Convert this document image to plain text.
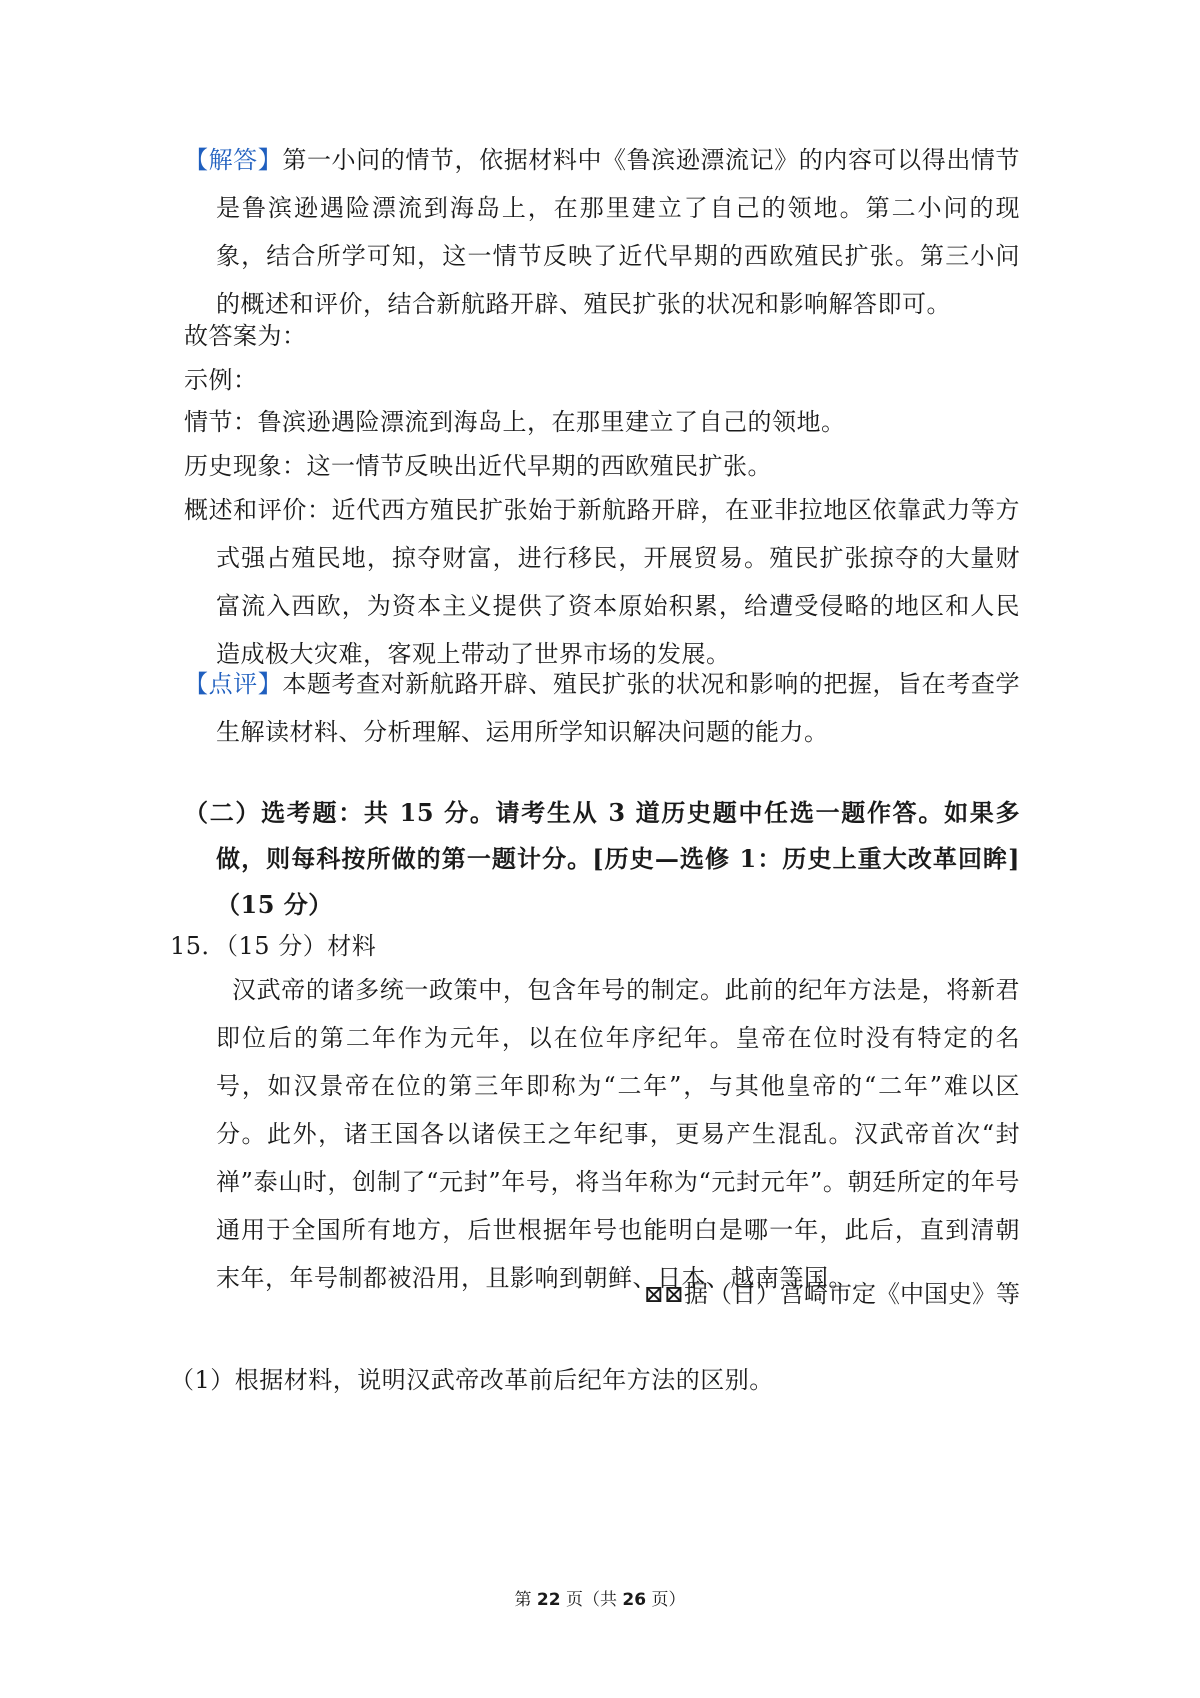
【解答】第一小问的情节，依据材料中《鲁滨逊漂流记》的内容可以得出情节是鲁滨逊遇险漂流到海岛上，在那里建立了自己的领地。第二小问的现象，结合所学可知，这一情节反映了近代早期的西欧殖民扩张。第三小问的概述和评价，结合新航路开辟、殖民扩张的状况和影响解答即可。
故答案为：
示例：
情节：鲁滨逊遇险漂流到海岛上，在那里建立了自己的领地。
历史现象：这一情节反映出近代早期的西欧殖民扩张。
概述和评价：近代西方殖民扩张始于新航路开辟，在亚非拉地区依靠武力等方式强占殖民地，掠夺财富，进行移民，开展贸易。殖民扩张掠夺的大量财富流入西欧，为资本主义提供了资本原始积累，给遭受侵略的地区和人民造成极大灾难，客观上带动了世界市场的发展。
【点评】本题考查对新航路开辟、殖民扩张的状况和影响的把握，旨在考查学生解读材料、分析理解、运用所学知识解决问题的能力。
（二）选考题：共 15 分。请考生从 3 道历史题中任选一题作答。如果多做，则每科按所做的第一题计分。[历史—选修 1：历史上重大改革回眸]（15 分）
15．（15 分）材料
汉武帝的诸多统一政策中，包含年号的制定。此前的纪年方法是，将新君即位后的第二年作为元年，以在位年序纪年。皇帝在位时没有特定的名号，如汉景帝在位的第三年即称为“二年”，与其他皇帝的“二年”难以区分。此外，诸王国各以诸侯王之年纪事，更易产生混乱。汉武帝首次“封禅”泰山时，创制了“元封”年号，将当年称为“元封元年”。朝廷所定的年号通用于全国所有地方，后世根据年号也能明白是哪一年，此后，直到清朝末年，年号制都被沿用，且影响到朝鲜、日本、越南等国。
⊠⊠据（日）宫崎市定《中国史》等
（1）根据材料，说明汉武帝改革前后纪年方法的区别。
第 22 页（共 26 页）
